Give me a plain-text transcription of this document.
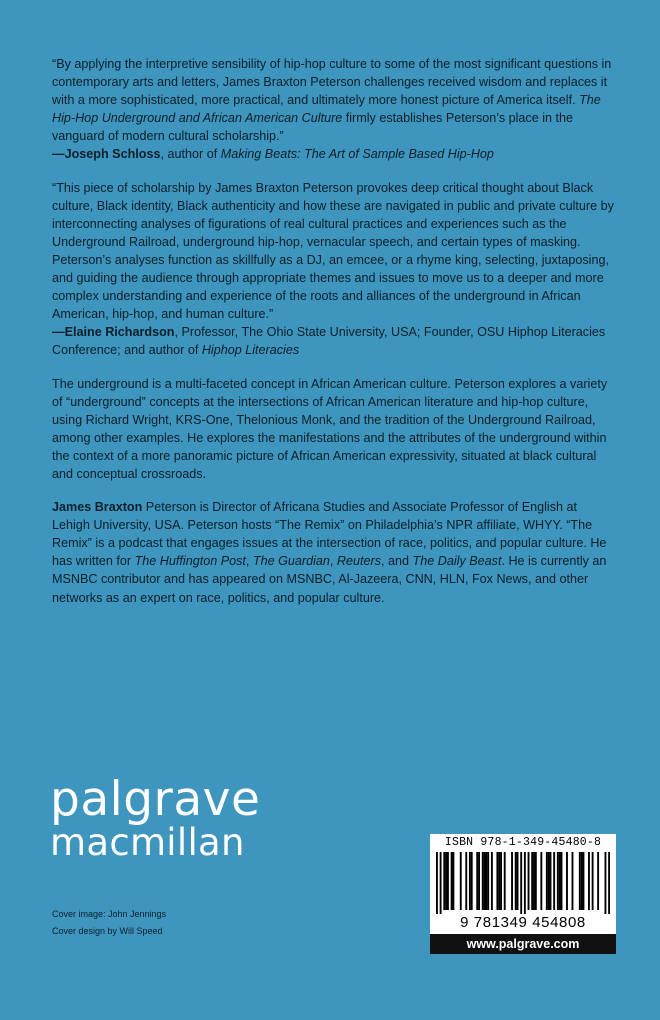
“By applying the interpretive sensibility of hip-hop culture to some of the most significant questions in contemporary arts and letters, James Braxton Peterson challenges received wisdom and replaces it with a more sophisticated, more practical, and ultimately more honest picture of America itself. The Hip-Hop Underground and African American Culture firmly establishes Peterson’s place in the vanguard of modern cultural scholarship.”
—Joseph Schloss, author of Making Beats: The Art of Sample Based Hip-Hop

“This piece of scholarship by James Braxton Peterson provokes deep critical thought about Black culture, Black identity, Black authenticity and how these are navigated in public and private culture by interconnecting analyses of figurations of real cultural practices and experiences such as the Underground Railroad, underground hip-hop, vernacular speech, and certain types of masking. Peterson’s analyses function as skillfully as a DJ, an emcee, or a rhyme king, selecting, juxtaposing, and guiding the audience through appropriate themes and issues to move us to a deeper and more complex understanding and experience of the roots and alliances of the underground in African American, hip-hop, and human culture.”
—Elaine Richardson, Professor, The Ohio State University, USA; Founder, OSU Hiphop Literacies Conference; and author of Hiphop Literacies

The underground is a multi-faceted concept in African American culture. Peterson explores a variety of “underground” concepts at the intersections of African American literature and hip-hop culture, using Richard Wright, KRS-One, Thelonious Monk, and the tradition of the Underground Railroad, among other examples. He explores the manifestations and the attributes of the underground within the context of a more panoramic picture of African American expressivity, situated at black cultural and conceptual crossroads.

James Braxton Peterson is Director of Africana Studies and Associate Professor of English at Lehigh University, USA. Peterson hosts “The Remix” on Philadelphia’s NPR affiliate, WHYY. “The Remix” is a podcast that engages issues at the intersection of race, politics, and popular culture. He has written for The Huffington Post, The Guardian, Reuters, and The Daily Beast. He is currently an MSNBC contributor and has appeared on MSNBC, Al-Jazeera, CNN, HLN, Fox News, and other networks as an expert on race, politics, and popular culture.

palgrave
macmillan
Cover image: John Jennings
Cover design by Will Speed
ISBN 978-1-349-45480-8
9 781349 454808
www.palgrave.com
